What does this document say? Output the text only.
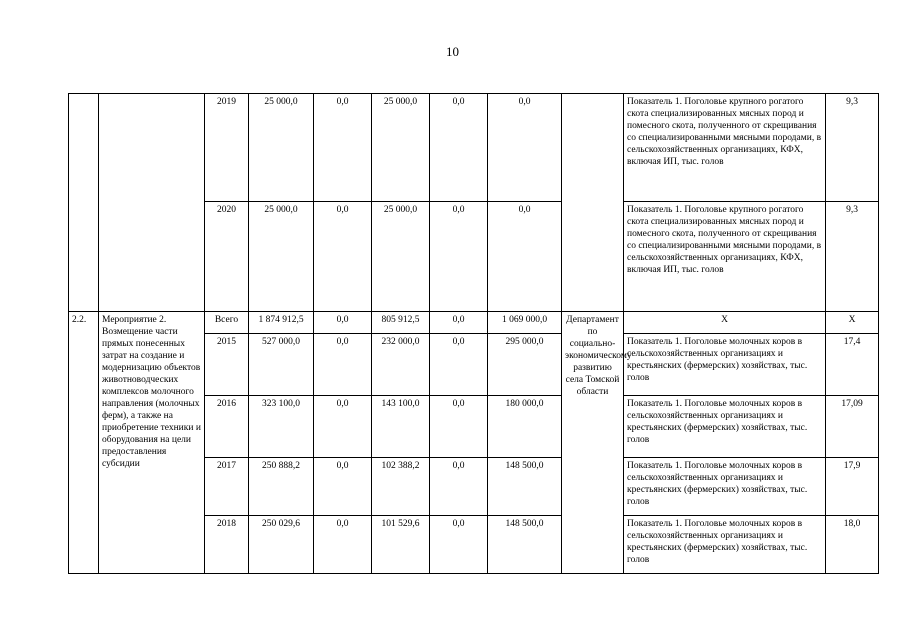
10
		2019	25 000,0	0,0	25 000,0	0,0	0,0		Показатель 1. Поголовье крупного рогатого скота специализированных мясных пород и помесного скота, полученного от скрещивания со специализированными мясными породами, в сельскохозяйственных организациях, КФХ, включая ИП, тыс. голов	9,3
		2020	25 000,0	0,0	25 000,0	0,0	0,0		Показатель 1. Поголовье крупного рогатого скота специализированных мясных пород и помесного скота, полученного от скрещивания со специализированными мясными породами, в сельскохозяйственных организациях, КФХ, включая ИП, тыс. голов	9,3
2.2.	Мероприятие 2. Возмещение части прямых понесенных затрат на создание и модернизацию объектов животноводческих комплексов молочного направления (молочных ферм), а также на приобретение техники и оборудования на цели предоставления субсидии	Всего	1 874 912,5	0,0	805 912,5	0,0	1 069 000,0	Департамент по социально-экономическому развитию села Томской области	Х	Х
		2015	527 000,0	0,0	232 000,0	0,0	295 000,0		Показатель 1. Поголовье молочных коров в сельскохозяйственных организациях и крестьянских (фермерских) хозяйствах, тыс. голов	17,4
		2016	323 100,0	0,0	143 100,0	0,0	180 000,0		Показатель 1. Поголовье молочных коров в сельскохозяйственных организациях и крестьянских (фермерских) хозяйствах, тыс. голов	17,09
		2017	250 888,2	0,0	102 388,2	0,0	148 500,0		Показатель 1. Поголовье молочных коров в сельскохозяйственных организациях и крестьянских (фермерских) хозяйствах, тыс. голов	17,9
		2018	250 029,6	0,0	101 529,6	0,0	148 500,0		Показатель 1. Поголовье молочных коров в сельскохозяйственных организациях и крестьянских (фермерских) хозяйствах, тыс. голов	18,0
